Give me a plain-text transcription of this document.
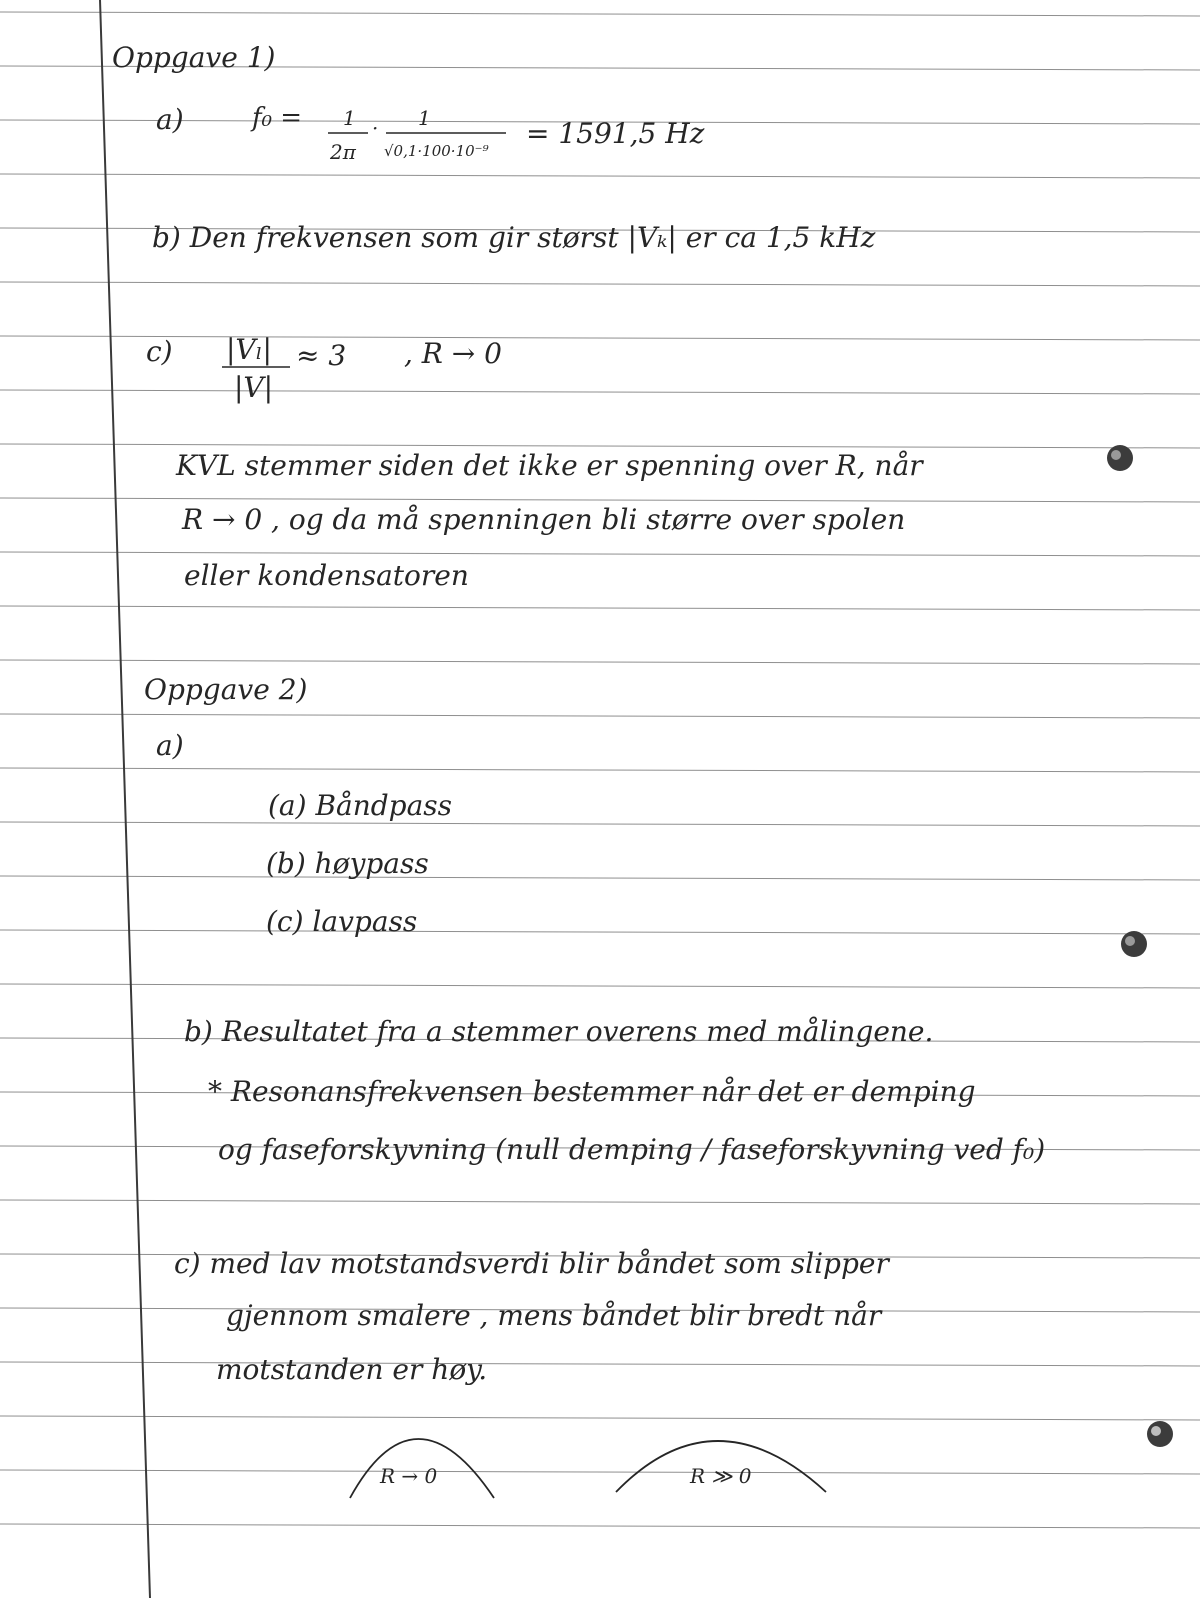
Oppgave 1)
a)	f₀ = 1
2π
· 1
√0,1·100·10⁻⁹
= 1591,5 Hz
b) Den frekvensen som gir størst |Vₖ| er ca 1,5 kHz
c) |Vₗ| ≈ 3
|V|
, R → 0
KVL stemmer siden det ikke er spenning over R, når
R → 0 , og da må spenningen bli større over spolen
eller kondensatoren
Oppgave 2)
a)
(a) Båndpass
(b) høypass
(c) lavpass
b) Resultatet fra a stemmer overens med målingene.
* Resonansfrekvensen bestemmer når det er demping
og faseforskyvning (null demping / faseforskyvning ved f₀)
c) med lav motstandsverdi blir båndet som slipper
gjennom smalere , mens båndet blir bredt når
motstanden er høy.
R → 0	R ≫ 0
